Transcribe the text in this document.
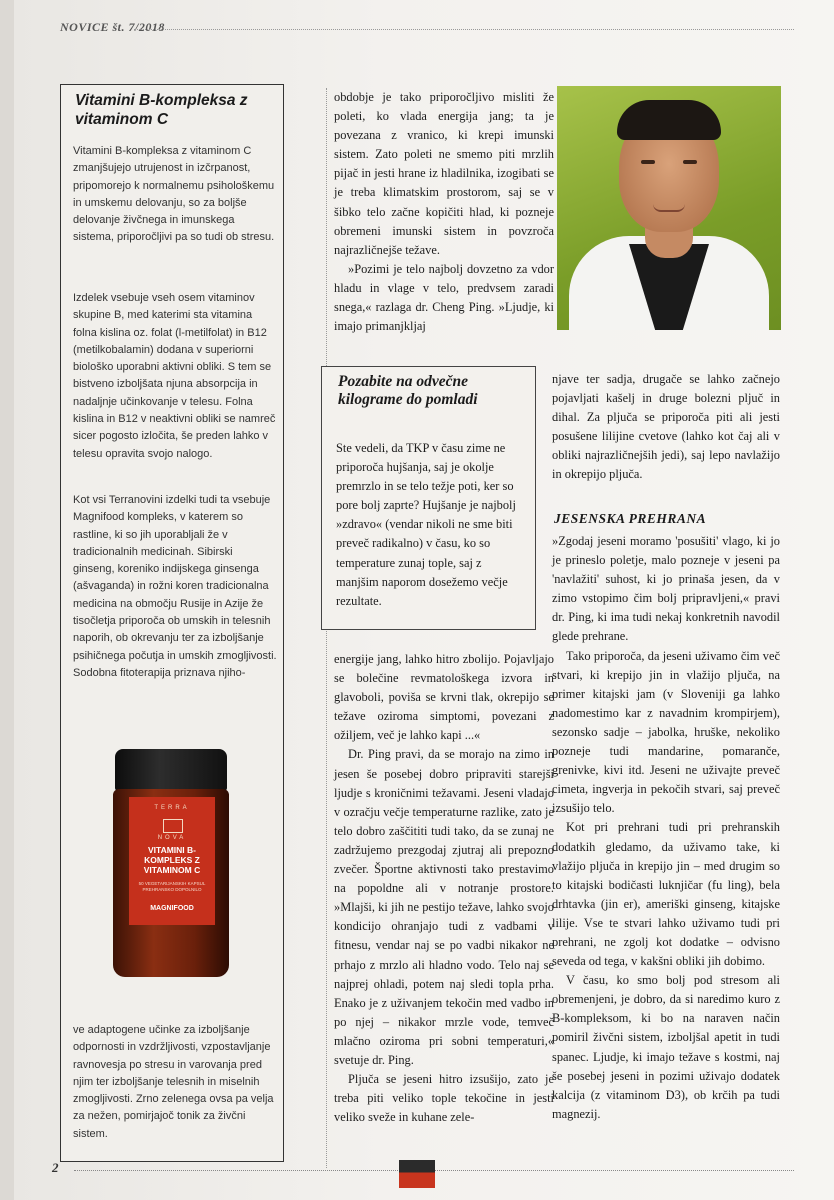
NOVICE št. 7/2018
Vitamini B-kompleksa z vitaminom C
Vitamini B-kompleksa z vitaminom C zmanjšujejo utrujenost in izčrpanost, pripomorejo k normalnemu psihološkemu in umskemu delovanju, so za boljše delovanje živčnega in imunskega sistema, priporočljivi pa so tudi ob stresu.
Izdelek vsebuje vseh osem vitaminov skupine B, med katerimi sta vitamina folna kislina oz. folat (l-metilfolat) in B12 (metilkobalamin) dodana v superiorni biološko uporabni aktivni obliki. S tem se bistveno izboljšata njuna absorpcija in nadaljnje učinkovanje v telesu. Folna kislina in B12 v neaktivni obliki se namreč sicer pogosto izločita, še preden lahko v telesu opravita svojo nalogo.
Kot vsi Terranovini izdelki tudi ta vsebuje Magnifood kompleks, v katerem so rastline, ki so jih uporabljali že v tradicionalnih medicinah. Sibirski ginseng, koreniko indijskega ginsenga (ašvaganda) in rožni koren tradicionalna medicina na območju Rusije in Azije že tisočletja priporoča ob umskih in telesnih naporih, ob okrevanju ter za izboljšanje psihičnega počutja in umskih zmogljivosti. Sodobna fitoterapija priznava njiho-
TERRA
NOVA
VITAMINI B-KOMPLEKS Z VITAMINOM C
50 VEGETARIJANSKIH KAPSUL PREHRANSKO DOPOLNILO
MAGNIFOOD
ve adaptogene učinke za izboljšanje odpornosti in vzdržljivosti, vzpostavljanje ravnovesja po stresu in varovanja pred njim ter izboljšanje telesnih in miselnih zmogljivosti. Zrno zelenega ovsa pa velja za nežen, pomirjajoč tonik za živčni sistem.

obdobje je tako priporočljivo misliti že poleti, ko vlada energija jang; ta je povezana z vranico, ki krepi imunski sistem. Zato poleti ne smemo piti mrzlih pijač in jesti hrane iz hladilnika, izogibati se je treba klimatskim prostorom, saj se v šibko telo začne kopičiti hlad, ki pozneje obremeni imunski sistem in povzroča najrazličnejše težave.

»Pozimi je telo najbolj dovzetno za vdor hladu in vlage v telo, predvsem zaradi snega,« razlaga dr. Cheng Ping. »Ljudje, ki imajo primanjkljaj

Pozabite na odvečne kilograme do pomladi
Ste vedeli, da TKP v času zime ne priporoča hujšanja, saj je okolje premrzlo in se telo težje poti, ker so pore bolj zaprte? Hujšanje je najbolj »zdravo« (vendar nikoli ne sme biti preveč radikalno) v času, ko so temperature zunaj tople, saj z manjšim naporom dosežemo večje rezultate.

energije jang, lahko hitro zbolijo. Pojavljajo se bolečine revmatološkega izvora in glavoboli, poviša se krvni tlak, okrepijo se težave oziroma simptomi, povezani z ožiljem, več je lahko kapi ...«

Dr. Ping pravi, da se morajo na zimo in jesen še posebej dobro pripraviti starejši ljudje s kroničnimi težavami. Jeseni vladajo v ozračju večje temperaturne razlike, zato je telo dobro zaščititi tudi tako, da se zunaj ne zadržujemo prezgodaj zjutraj ali prepozno zvečer. Športne aktivnosti tako prestavimo na popoldne ali v notranje prostore. »Mlajši, ki jih ne pestijo težave, lahko svojo kondicijo ohranjajo tudi z vadbami v fitnesu, vendar naj se po vadbi nikakor ne prhajo z mrzlo ali hladno vodo. Telo naj se najprej ohladi, potem naj sledi topla prha. Enako je z uživanjem tekočin med vadbo in po njej – nikakor mrzle vode, temveč mlačno oziroma pri sobni temperaturi,« svetuje dr. Ping.

Pljuča se jeseni hitro izsušijo, zato je treba piti veliko tople tekočine in jesti veliko sveže in kuhane zele-

njave ter sadja, drugače se lahko začnejo pojavljati kašelj in druge bolezni pljuč in dihal. Za pljuča se priporoča piti ali jesti posušene lilijine cvetove (lahko kot čaj ali v obliki najrazličnejših jedi), saj lepo navlažijo in okrepijo pljuča.

JESENSKA PREHRANA

»Zgodaj jeseni moramo 'posušiti' vlago, ki jo je prineslo poletje, malo pozneje v jeseni pa 'navlažiti' suhost, ki jo prinaša jesen, da v zimo vstopimo čim bolj pripravljeni,« pravi dr. Ping, ki ima tudi nekaj konkretnih navodil glede prehrane.

Tako priporoča, da jeseni uživamo čim več stvari, ki krepijo jin in vlažijo pljuča, na primer kitajski jam (v Sloveniji ga lahko nadomestimo kar z navadnim krompirjem), sezonsko sadje – jabolka, hruške, nekoliko pozneje tudi mandarine, pomaranče, grenivke, kivi itd. Jeseni ne uživajte preveč cimeta, ingverja in pekočih stvari, saj preveč izsušijo telo.

Kot pri prehrani tudi pri prehranskih dodatkih gledamo, da uživamo take, ki vlažijo pljuča in krepijo jin – med drugim so to kitajski bodičasti luknjičar (fu ling), bela drhtavka (jin er), ameriški ginseng, kitajske lilije. Vse te stvari lahko uživamo tudi pri prehrani, ne zgolj kot dodatke – odvisno seveda od tega, v kakšni obliki jih dobimo.

V času, ko smo bolj pod stresom ali obremenjeni, je dobro, da si naredimo kuro z B-kompleksom, ki bo na naraven način pomiril živčni sistem, izboljšal apetit in tudi spanec. Ljudje, ki imajo težave s kostmi, naj še posebej jeseni in pozimi uživajo dodatek kalcija (z vitaminom D3), ob krčih pa tudi magnezij.

2
